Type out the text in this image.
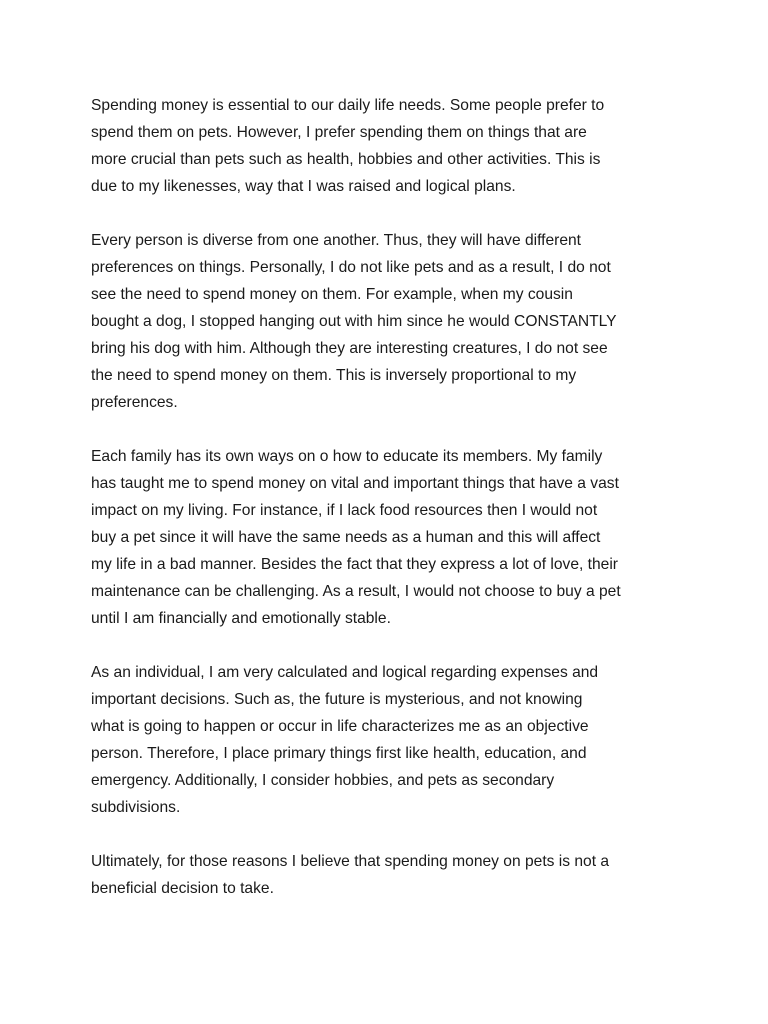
Spending money is essential to our daily life needs. Some people prefer to
spend them on pets. However, I prefer spending them on things that are
more crucial than pets such as health, hobbies and other activities. This is
due to my likenesses, way that I was raised and logical plans.

Every person is diverse from one another. Thus, they will have different
preferences on things. Personally, I do not like pets and as a result, I do not
see the need to spend money on them. For example, when my cousin
bought a dog, I stopped hanging out with him since he would CONSTANTLY
bring his dog with him. Although they are interesting creatures, I do not see
the need to spend money on them. This is inversely proportional to my
preferences.

Each family has its own ways on o how to educate its members. My family
has taught me to spend money on vital and important things that have a vast
impact on my living. For instance, if I lack food resources then I would not
buy a pet since it will have the same needs as a human and this will affect
my life in a bad manner. Besides the fact that they express a lot of love, their
maintenance can be challenging. As a result, I would not choose to buy a pet
until I am financially and emotionally stable.

As an individual, I am very calculated and logical regarding expenses and
important decisions. Such as, the future is mysterious, and not knowing
what is going to happen or occur in life characterizes me as an objective
person. Therefore, I place primary things first like health, education, and
emergency. Additionally, I consider hobbies, and pets as secondary
subdivisions.

Ultimately, for those reasons I believe that spending money on pets is not a
beneficial decision to take.
